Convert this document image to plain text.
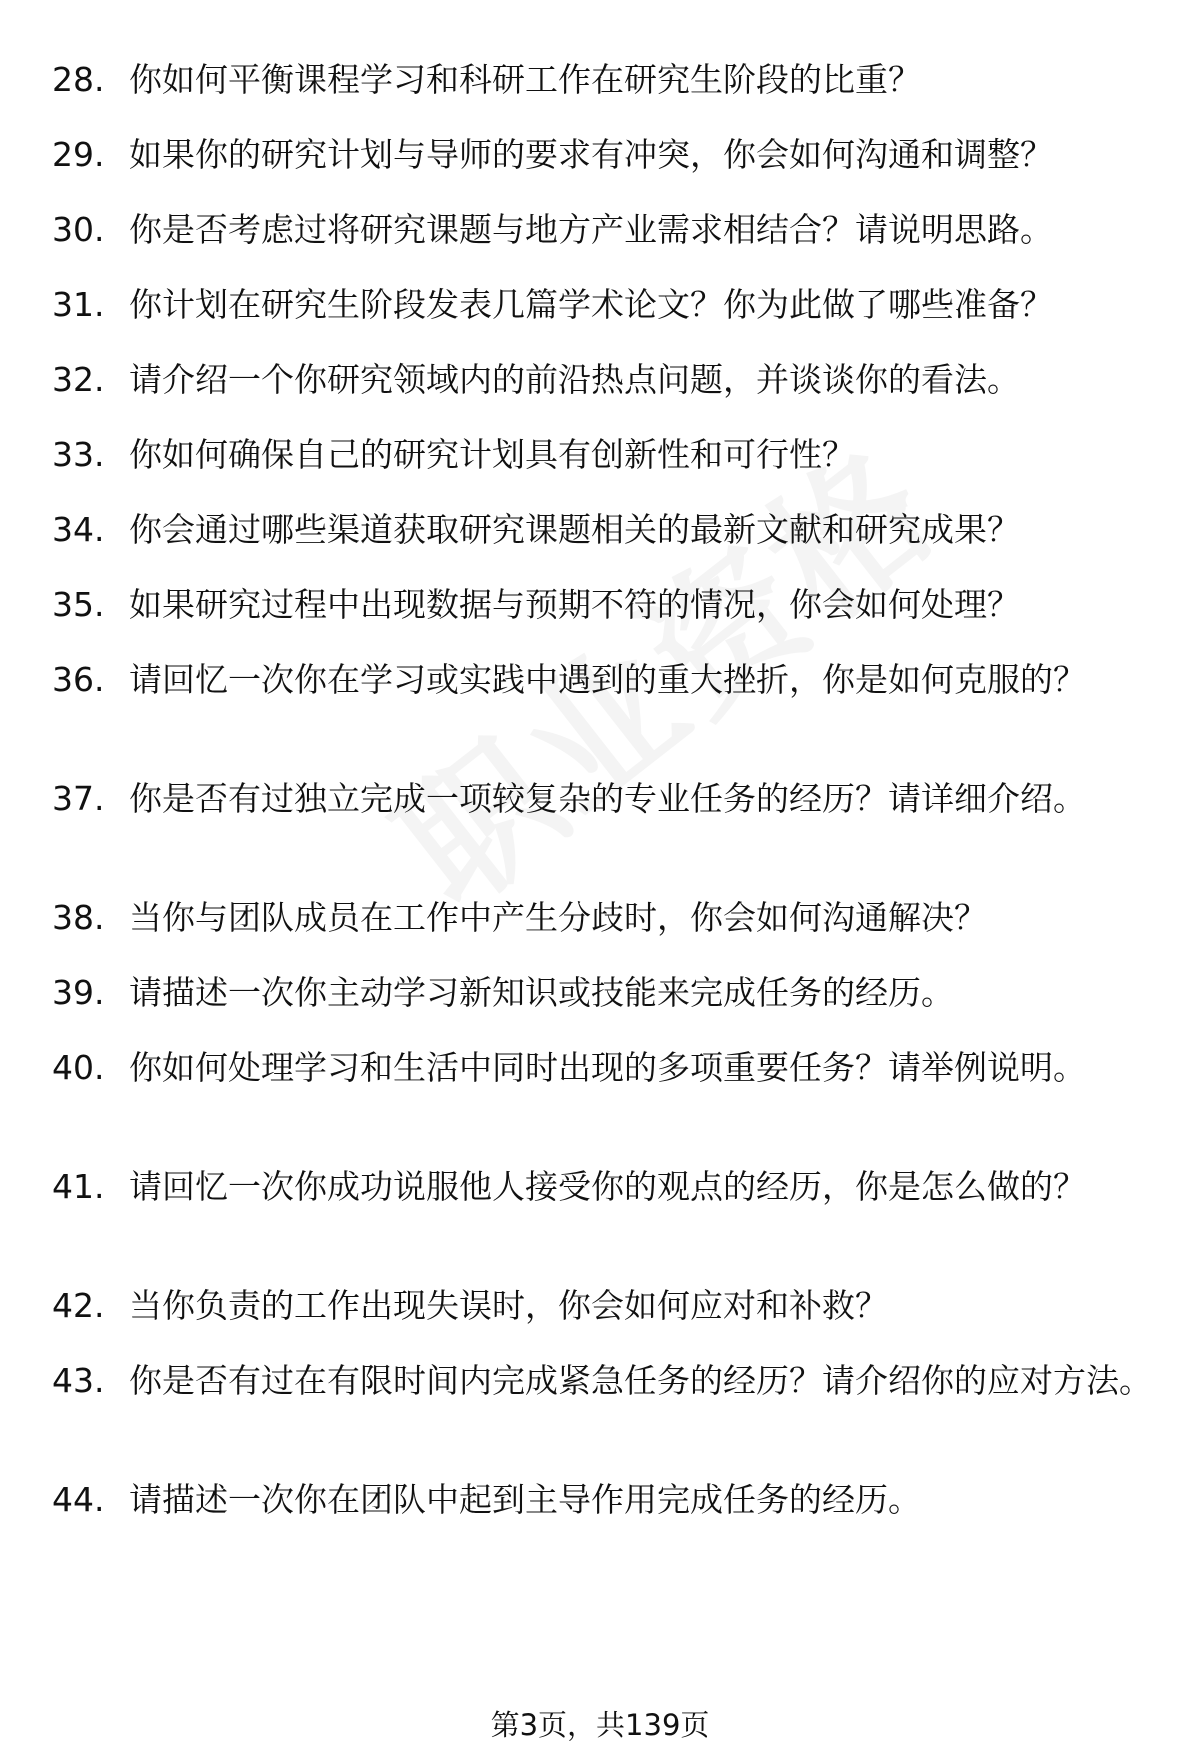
28. 你如何平衡课程学习和科研工作在研究生阶段的比重？
29. 如果你的研究计划与导师的要求有冲突，你会如何沟通和调整？
30. 你是否考虑过将研究课题与地方产业需求相结合？请说明思路。
31. 你计划在研究生阶段发表几篇学术论文？你为此做了哪些准备？
32. 请介绍一个你研究领域内的前沿热点问题，并谈谈你的看法。
33. 你如何确保自己的研究计划具有创新性和可行性？
34. 你会通过哪些渠道获取研究课题相关的最新文献和研究成果？
35. 如果研究过程中出现数据与预期不符的情况，你会如何处理？
36. 请回忆一次你在学习或实践中遇到的重大挫折，你是如何克服的？
37. 你是否有过独立完成一项较复杂的专业任务的经历？请详细介绍。
38. 当你与团队成员在工作中产生分歧时，你会如何沟通解决？
39. 请描述一次你主动学习新知识或技能来完成任务的经历。
40. 你如何处理学习和生活中同时出现的多项重要任务？请举例说明。
41. 请回忆一次你成功说服他人接受你的观点的经历，你是怎么做的？
42. 当你负责的工作出现失误时，你会如何应对和补救？
43. 你是否有过在有限时间内完成紧急任务的经历？请介绍你的应对方法。
44. 请描述一次你在团队中起到主导作用完成任务的经历。
第3页，共139页
